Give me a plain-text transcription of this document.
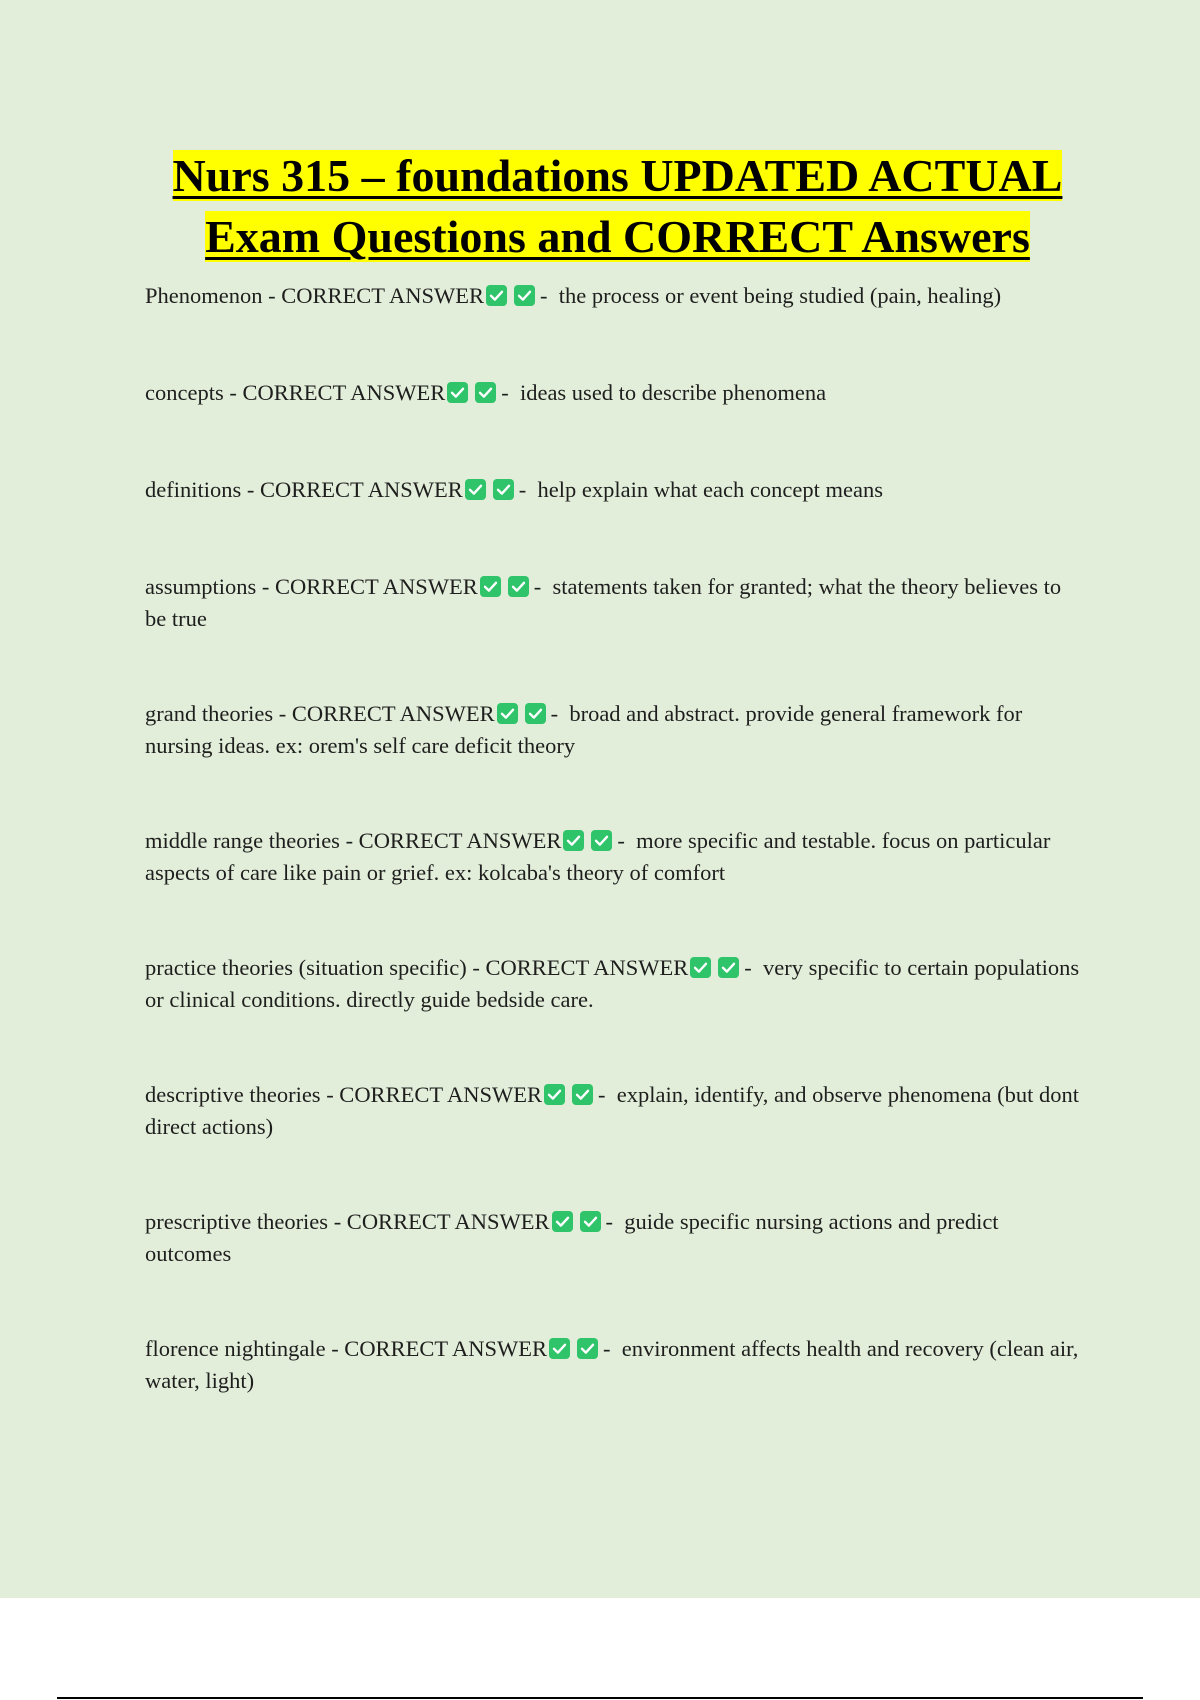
Nurs 315 – foundations UPDATED ACTUAL
Exam Questions and CORRECT Answers

Phenomenon - CORRECT ANSWER -  the process or event being studied (pain, healing)

concepts - CORRECT ANSWER -  ideas used to describe phenomena

definitions - CORRECT ANSWER -  help explain what each concept means

assumptions - CORRECT ANSWER -  statements taken for granted; what the theory believes to be true

grand theories - CORRECT ANSWER -  broad and abstract. provide general framework for nursing ideas. ex: orem's self care deficit theory

middle range theories - CORRECT ANSWER -  more specific and testable. focus on particular aspects of care like pain or grief. ex: kolcaba's theory of comfort

practice theories (situation specific) - CORRECT ANSWER -  very specific to certain populations or clinical conditions. directly guide bedside care.

descriptive theories - CORRECT ANSWER -  explain, identify, and observe phenomena (but dont direct actions)

prescriptive theories - CORRECT ANSWER -  guide specific nursing actions and predict outcomes

florence nightingale - CORRECT ANSWER -  environment affects health and recovery (clean air, water, light)
